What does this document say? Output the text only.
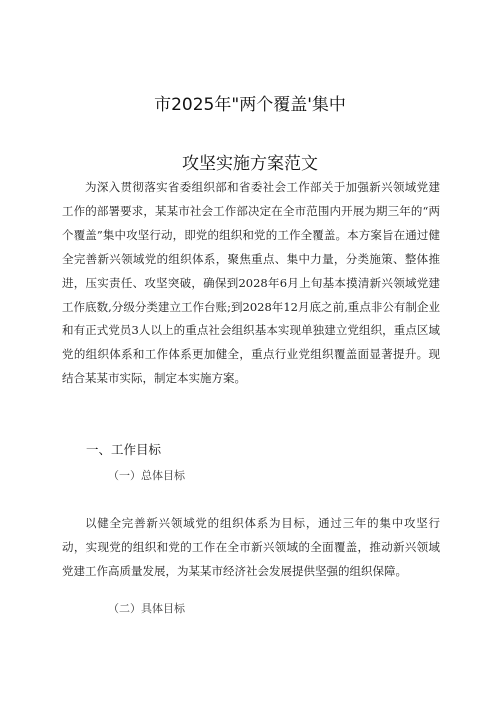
市2025年"两个覆盖'集中
攻坚实施方案范文

为深入贯彻落实省委组织部和省委社会工作部关于加强新兴领域党建工作的部署要求，某某市社会工作部决定在全市范围内开展为期三年的“两个覆盖”集中攻坚行动，即党的组织和党的工作全覆盖。本方案旨在通过健全完善新兴领域党的组织体系，聚焦重点、集中力量，分类施策、整体推进，压实责任、攻坚突破，确保到2028年6月上旬基本摸清新兴领域党建工作底数,分级分类建立工作台账;到2028年12月底之前,重点非公有制企业和有正式党员3人以上的重点社会组织基本实现单独建立党组织，重点区域党的组织体系和工作体系更加健全，重点行业党组织覆盖面显著提升。现结合某某市实际，制定本实施方案。

一、工作目标
（一）总体目标

以健全完善新兴领域党的组织体系为目标，通过三年的集中攻坚行动，实现党的组织和党的工作在全市新兴领域的全面覆盖，推动新兴领域党建工作高质量发展，为某某市经济社会发展提供坚强的组织保障。

（二）具体目标
